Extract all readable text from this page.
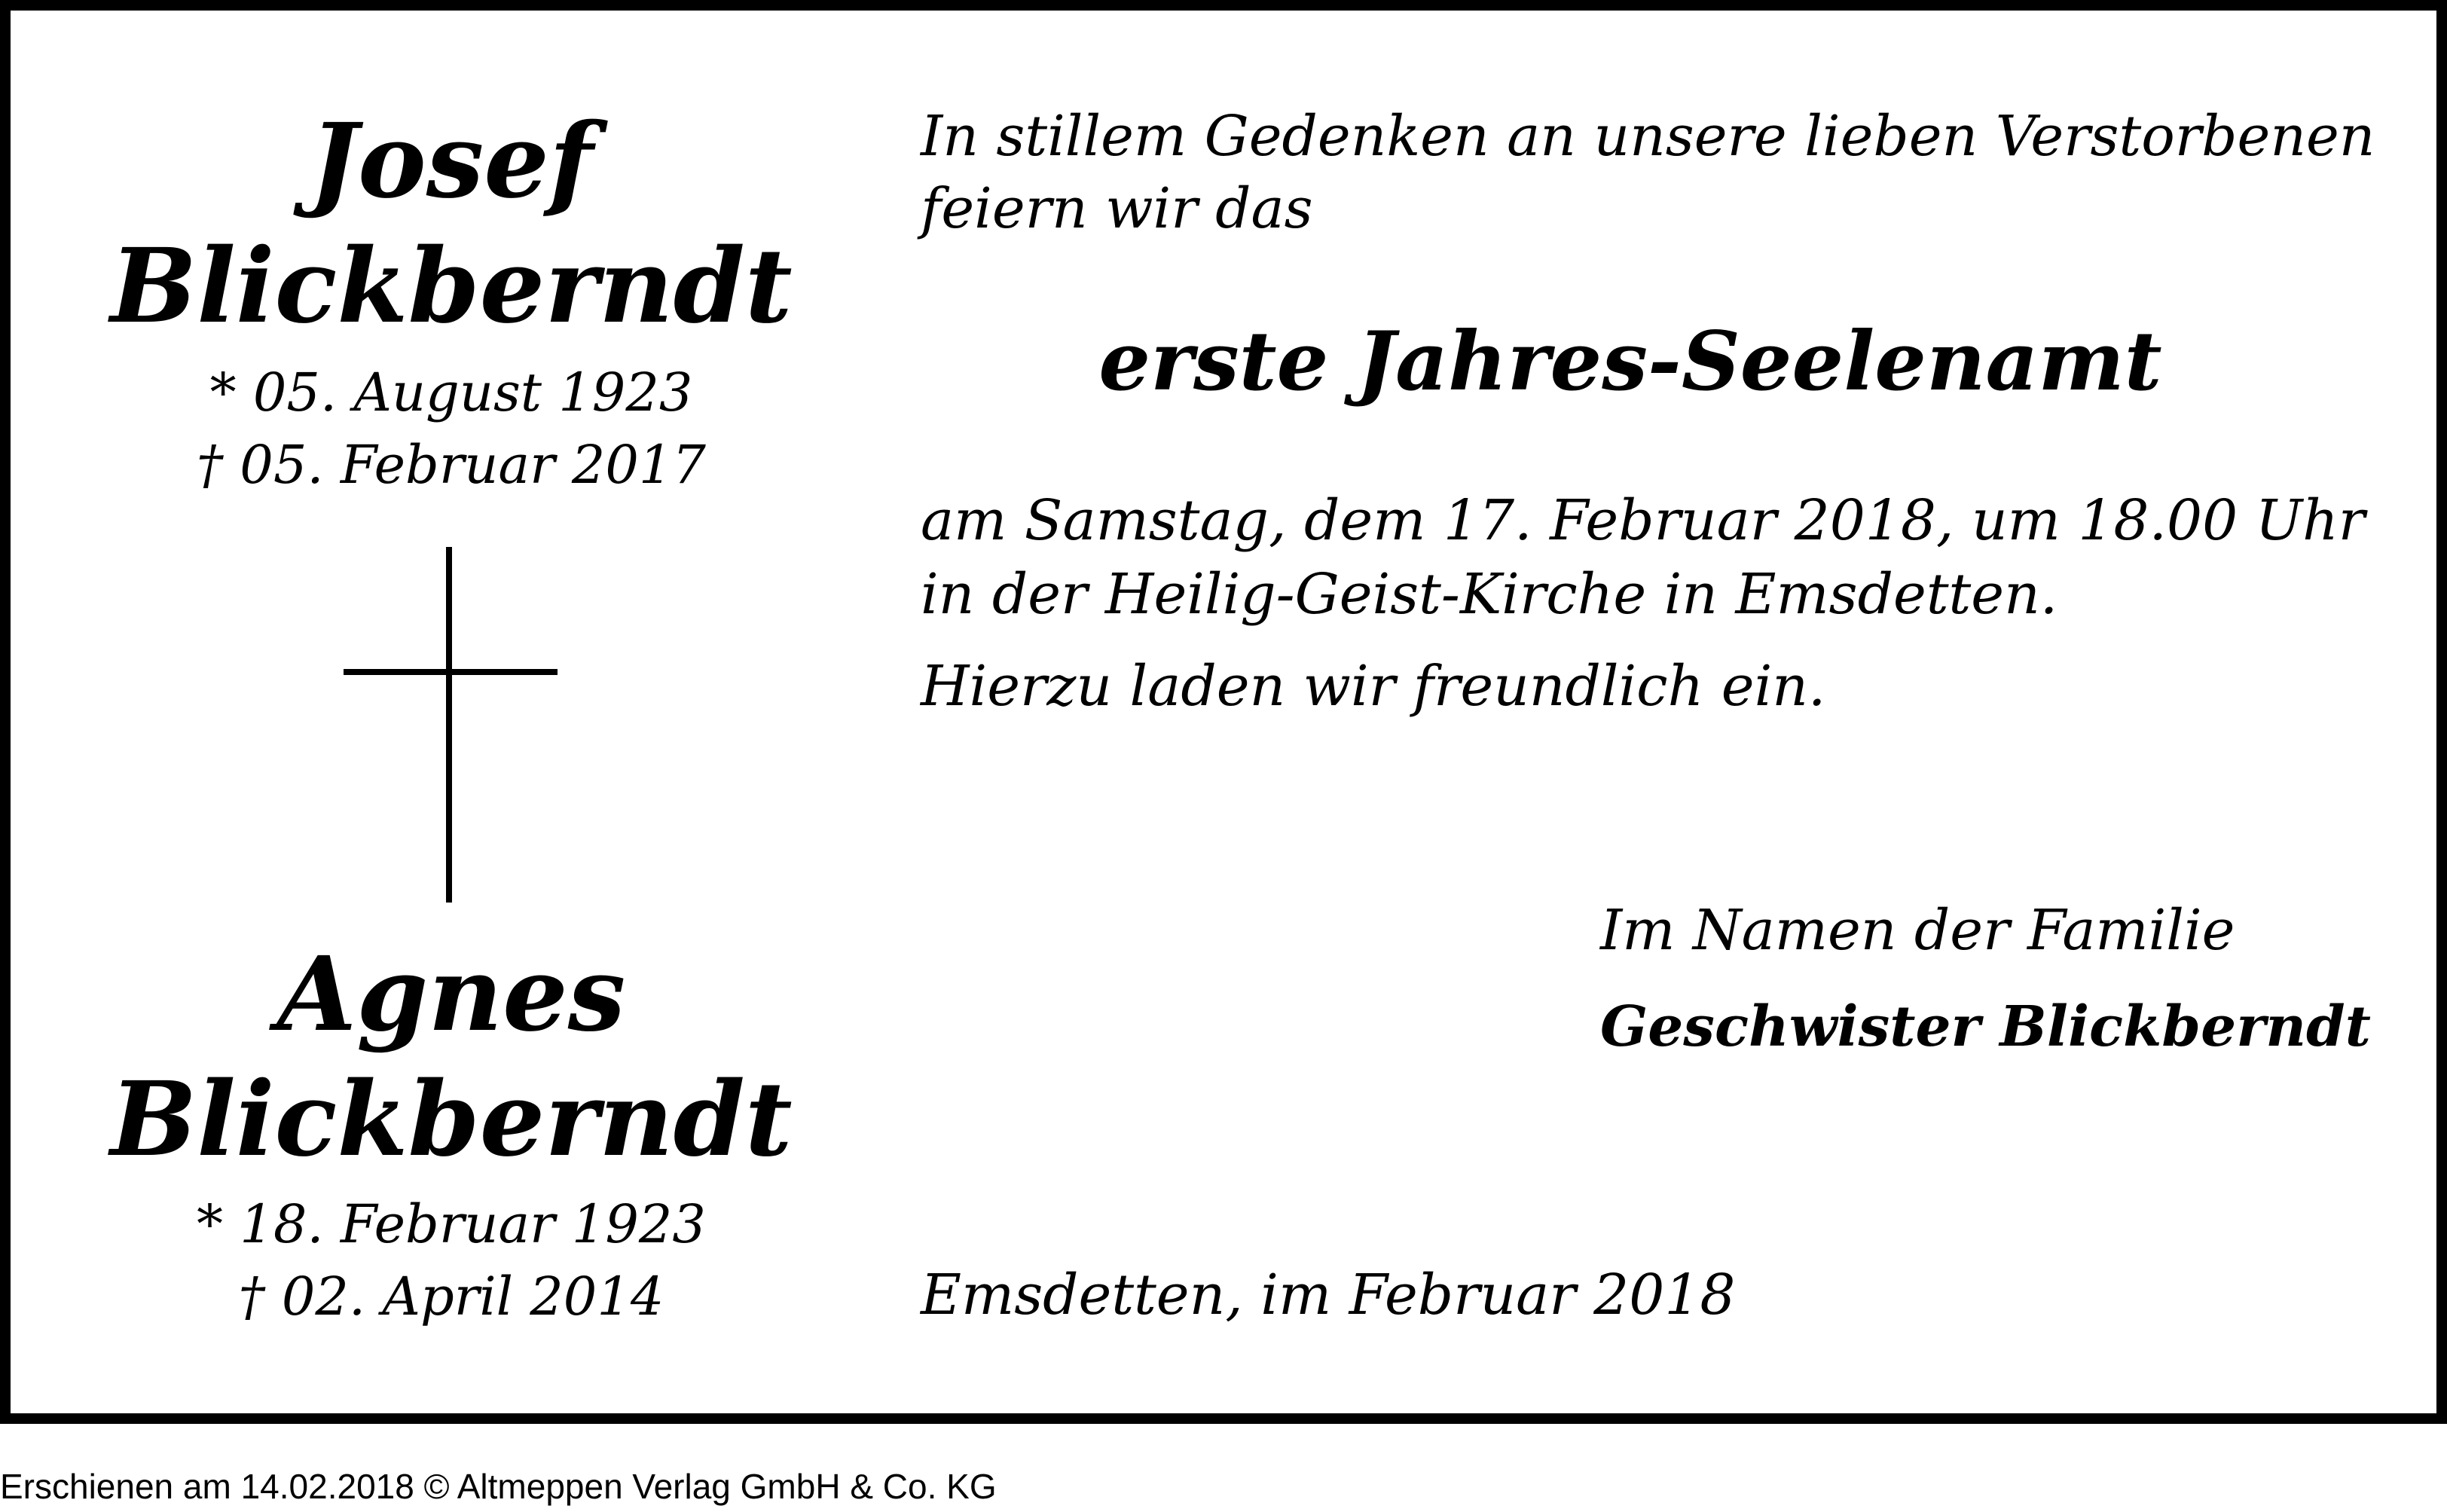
Josef
Blickberndt
* 05. August 1923
† 05. Februar 2017
Agnes
Blickberndt
* 18. Februar 1923
† 02. April 2014
In stillem Gedenken an unsere lieben Verstorbenen
feiern wir das
erste Jahres-Seelenamt
am Samstag, dem 17. Februar 2018, um 18.00 Uhr
in der Heilig-Geist-Kirche in Emsdetten.
Hierzu laden wir freundlich ein.
Im Namen der Familie
Geschwister Blickberndt
Emsdetten, im Februar 2018
Erschienen am 14.02.2018 © Altmeppen Verlag GmbH & Co. KG
